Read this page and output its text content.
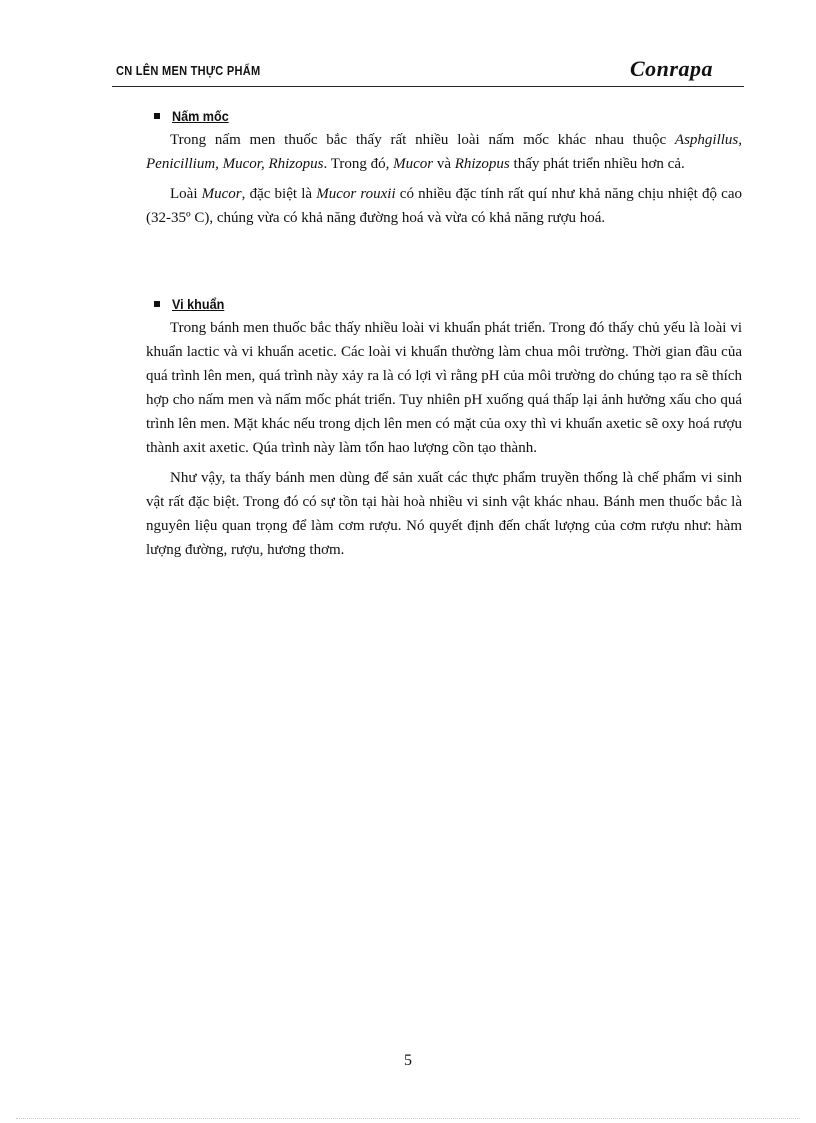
CN LÊN MEN THỰC PHẨM	Conrapa
Nấm mốc

Trong nấm men thuốc bắc thấy rất nhiều loài nấm mốc khác nhau thuộc Asphgillus, Penicillium, Mucor, Rhizopus. Trong đó, Mucor và Rhizopus thấy phát triển nhiều hơn cả.

Loài Mucor, đặc biệt là Mucor rouxii có nhiều đặc tính rất quí như khả năng chịu nhiệt độ cao (32-35º C), chúng vừa có khả năng đường hoá và vừa có khả năng rượu hoá.

Vi khuẩn

Trong bánh men thuốc bắc thấy nhiều loài vi khuẩn phát triển. Trong đó thấy chủ yếu là loài vi khuẩn lactic và vi khuẩn acetic. Các loài vi khuẩn thường làm chua môi trường. Thời gian đầu của quá trình lên men, quá trình này xảy ra là có lợi vì rằng pH của môi trường do chúng tạo ra sẽ thích hợp cho nấm men và nấm mốc phát triển. Tuy nhiên pH xuống quá thấp lại ảnh hưởng xấu cho quá trình lên men. Mặt khác nếu trong dịch lên men có mặt của oxy thì vi khuẩn axetic sẽ oxy hoá rượu thành axit axetic. Qúa trình này làm tổn hao lượng cồn tạo thành.

Như vậy, ta thấy bánh men dùng để sản xuất các thực phẩm truyền thống là chế phẩm vi sinh vật rất đặc biệt. Trong đó có sự tồn tại hài hoà nhiều vi sinh vật khác nhau. Bánh men thuốc bắc là nguyên liệu quan trọng để làm cơm rượu. Nó quyết định đến chất lượng của cơm rượu như: hàm lượng đường, rượu, hương thơm.

5
